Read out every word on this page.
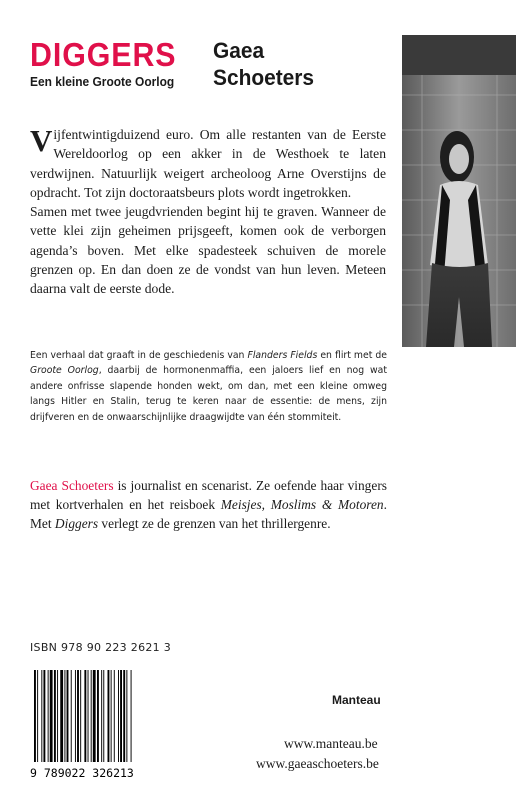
DIGGERS
Een kleine Groote Oorlog
Gaea
Schoeters

Vijfentwintigduizend euro. Om alle restanten van de Eerste Wereldoorlog op een akker in de Westhoek te laten verdwijnen. Natuurlijk weigert archeoloog Arne Overstijns de opdracht. Tot zijn doctoraatsbeurs plots wordt ingetrokken.

Samen met twee jeugdvrienden begint hij te graven. Wanneer de vette klei zijn geheimen prijsgeeft, komen ook de verborgen agenda’s boven. Met elke spadesteek schuiven de morele grenzen op. En dan doen ze de vondst van hun leven. Meteen daarna valt de eerste dode.

Een verhaal dat graaft in de geschiedenis van Flanders Fields en flirt met de Groote Oorlog, daarbij de hormonenmaffia, een jaloers lief en nog wat andere onfrisse slapende honden wekt, om dan, met een kleine omweg langs Hitler en Stalin, terug te keren naar de essentie: de mens, zijn drijfveren en de onwaarschijnlijke draagwijdte van één stommiteit.
Gaea Schoeters is journalist en scenarist. Ze oefende haar vingers met kortverhalen en het reisboek Meisjes, Moslims & Motoren. Met Diggers verlegt ze de grenzen van het thrillergenre.
ISBN 978 90 223 2621 3
9 789022 326213
Manteau
www.manteau.be
www.gaeaschoeters.be
